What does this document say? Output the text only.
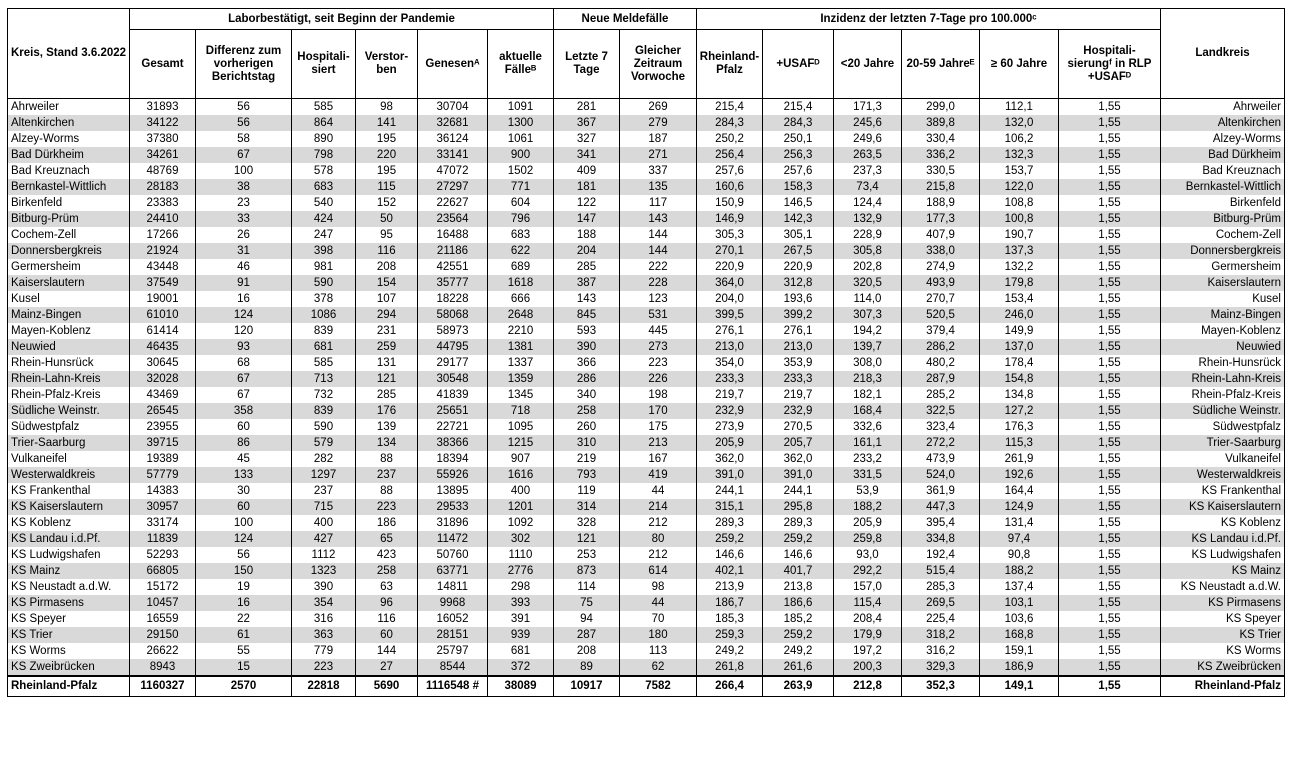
Kreis, Stand 3.6.2022	Laborbestätigt, seit Beginn der Pandemie						Neue Meldefälle		Inzidenz der letzten 7-Tage pro 100.000ᶜ						Landkreis
	Gesamt	Differenz zum vorherigen Berichtstag	Hospitali- siert	Verstor- ben	Genesenᴬ	aktuelle Fälleᴮ	Letzte 7 Tage	Gleicher Zeitraum Vorwoche	Rheinland- Pfalz	+USAFᴰ	<20 Jahre	20-59 Jahreᴱ	≥ 60 Jahre	Hospitali- sierungᶠ in RLP +USAFᴰ	
Ahrweiler	31893	56	585	98	30704	1091	281	269	215,4	215,4	171,3	299,0	112,1	1,55	Ahrweiler
Altenkirchen	34122	56	864	141	32681	1300	367	279	284,3	284,3	245,6	389,8	132,0	1,55	Altenkirchen
Alzey-Worms	37380	58	890	195	36124	1061	327	187	250,2	250,1	249,6	330,4	106,2	1,55	Alzey-Worms
Bad Dürkheim	34261	67	798	220	33141	900	341	271	256,4	256,3	263,5	336,2	132,3	1,55	Bad Dürkheim
Bad Kreuznach	48769	100	578	195	47072	1502	409	337	257,6	257,6	237,3	330,5	153,7	1,55	Bad Kreuznach
Bernkastel-Wittlich	28183	38	683	115	27297	771	181	135	160,6	158,3	73,4	215,8	122,0	1,55	Bernkastel-Wittlich
Birkenfeld	23383	23	540	152	22627	604	122	117	150,9	146,5	124,4	188,9	108,8	1,55	Birkenfeld
Bitburg-Prüm	24410	33	424	50	23564	796	147	143	146,9	142,3	132,9	177,3	100,8	1,55	Bitburg-Prüm
Cochem-Zell	17266	26	247	95	16488	683	188	144	305,3	305,1	228,9	407,9	190,7	1,55	Cochem-Zell
Donnersbergkreis	21924	31	398	116	21186	622	204	144	270,1	267,5	305,8	338,0	137,3	1,55	Donnersbergkreis
Germersheim	43448	46	981	208	42551	689	285	222	220,9	220,9	202,8	274,9	132,2	1,55	Germersheim
Kaiserslautern	37549	91	590	154	35777	1618	387	228	364,0	312,8	320,5	493,9	179,8	1,55	Kaiserslautern
Kusel	19001	16	378	107	18228	666	143	123	204,0	193,6	114,0	270,7	153,4	1,55	Kusel
Mainz-Bingen	61010	124	1086	294	58068	2648	845	531	399,5	399,2	307,3	520,5	246,0	1,55	Mainz-Bingen
Mayen-Koblenz	61414	120	839	231	58973	2210	593	445	276,1	276,1	194,2	379,4	149,9	1,55	Mayen-Koblenz
Neuwied	46435	93	681	259	44795	1381	390	273	213,0	213,0	139,7	286,2	137,0	1,55	Neuwied
Rhein-Hunsrück	30645	68	585	131	29177	1337	366	223	354,0	353,9	308,0	480,2	178,4	1,55	Rhein-Hunsrück
Rhein-Lahn-Kreis	32028	67	713	121	30548	1359	286	226	233,3	233,3	218,3	287,9	154,8	1,55	Rhein-Lahn-Kreis
Rhein-Pfalz-Kreis	43469	67	732	285	41839	1345	340	198	219,7	219,7	182,1	285,2	134,8	1,55	Rhein-Pfalz-Kreis
Südliche Weinstr.	26545	358	839	176	25651	718	258	170	232,9	232,9	168,4	322,5	127,2	1,55	Südliche Weinstr.
Südwestpfalz	23955	60	590	139	22721	1095	260	175	273,9	270,5	332,6	323,4	176,3	1,55	Südwestpfalz
Trier-Saarburg	39715	86	579	134	38366	1215	310	213	205,9	205,7	161,1	272,2	115,3	1,55	Trier-Saarburg
Vulkaneifel	19389	45	282	88	18394	907	219	167	362,0	362,0	233,2	473,9	261,9	1,55	Vulkaneifel
Westerwaldkreis	57779	133	1297	237	55926	1616	793	419	391,0	391,0	331,5	524,0	192,6	1,55	Westerwaldkreis
KS Frankenthal	14383	30	237	88	13895	400	119	44	244,1	244,1	53,9	361,9	164,4	1,55	KS Frankenthal
KS Kaiserslautern	30957	60	715	223	29533	1201	314	214	315,1	295,8	188,2	447,3	124,9	1,55	KS Kaiserslautern
KS Koblenz	33174	100	400	186	31896	1092	328	212	289,3	289,3	205,9	395,4	131,4	1,55	KS Koblenz
KS Landau i.d.Pf.	11839	124	427	65	11472	302	121	80	259,2	259,2	259,8	334,8	97,4	1,55	KS Landau i.d.Pf.
KS Ludwigshafen	52293	56	1112	423	50760	1110	253	212	146,6	146,6	93,0	192,4	90,8	1,55	KS Ludwigshafen
KS Mainz	66805	150	1323	258	63771	2776	873	614	402,1	401,7	292,2	515,4	188,2	1,55	KS Mainz
KS Neustadt a.d.W.	15172	19	390	63	14811	298	114	98	213,9	213,8	157,0	285,3	137,4	1,55	KS Neustadt a.d.W.
KS Pirmasens	10457	16	354	96	9968	393	75	44	186,7	186,6	115,4	269,5	103,1	1,55	KS Pirmasens
KS Speyer	16559	22	316	116	16052	391	94	70	185,3	185,2	208,4	225,4	103,6	1,55	KS Speyer
KS Trier	29150	61	363	60	28151	939	287	180	259,3	259,2	179,9	318,2	168,8	1,55	KS Trier
KS Worms	26622	55	779	144	25797	681	208	113	249,2	249,2	197,2	316,2	159,1	1,55	KS Worms
KS Zweibrücken	8943	15	223	27	8544	372	89	62	261,8	261,6	200,3	329,3	186,9	1,55	KS Zweibrücken
Rheinland-Pfalz	1160327	2570	22818	5690	1116548 #	38089	10917	7582	266,4	263,9	212,8	352,3	149,1	1,55	Rheinland-Pfalz
